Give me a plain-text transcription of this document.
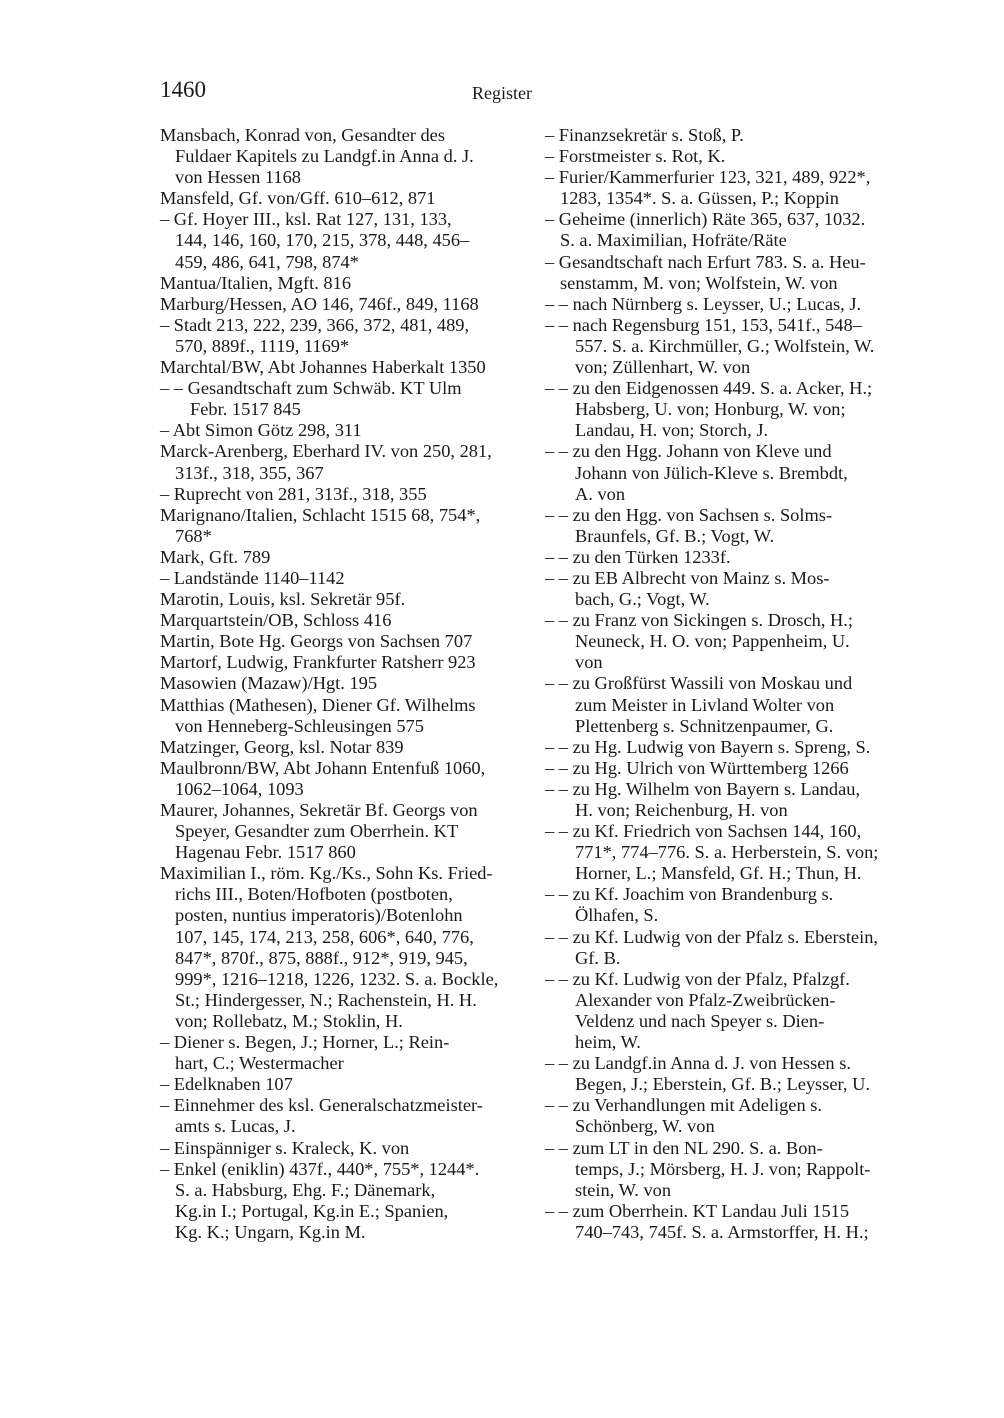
1460	Register
Mansbach, Konrad von, Gesandter des
Fuldaer Kapitels zu Landgf.in Anna d. J.
von Hessen 1168
Mansfeld, Gf. von/Gff. 610–612, 871
– Gf. Hoyer III., ksl. Rat 127, 131, 133,
144, 146, 160, 170, 215, 378, 448, 456–
459, 486, 641, 798, 874*
Mantua/Italien, Mgft. 816
Marburg/Hessen, AO 146, 746f., 849, 1168
– Stadt 213, 222, 239, 366, 372, 481, 489,
570, 889f., 1119, 1169*
Marchtal/BW, Abt Johannes Haberkalt 1350
– – Gesandtschaft zum Schwäb. KT Ulm
Febr. 1517 845
– Abt Simon Götz 298, 311
Marck-Arenberg, Eberhard IV. von 250, 281,
313f., 318, 355, 367
– Ruprecht von 281, 313f., 318, 355
Marignano/Italien, Schlacht 1515 68, 754*,
768*
Mark, Gft. 789
– Landstände 1140–1142
Marotin, Louis, ksl. Sekretär 95f.
Marquartstein/OB, Schloss 416
Martin, Bote Hg. Georgs von Sachsen 707
Martorf, Ludwig, Frankfurter Ratsherr 923
Masowien (Mazaw)/Hgt. 195
Matthias (Mathesen), Diener Gf. Wilhelms
von Henneberg-Schleusingen 575
Matzinger, Georg, ksl. Notar 839
Maulbronn/BW, Abt Johann Entenfuß 1060,
1062–1064, 1093
Maurer, Johannes, Sekretär Bf. Georgs von
Speyer, Gesandter zum Oberrhein. KT
Hagenau Febr. 1517 860
Maximilian I., röm. Kg./Ks., Sohn Ks. Fried-
richs III., Boten/Hofboten (postboten,
posten, nuntius imperatoris)/Botenlohn
107, 145, 174, 213, 258, 606*, 640, 776,
847*, 870f., 875, 888f., 912*, 919, 945,
999*, 1216–1218, 1226, 1232. S. a. Bockle,
St.; Hindergesser, N.; Rachenstein, H. H.
von; Rollebatz, M.; Stoklin, H.
– Diener s. Begen, J.; Horner, L.; Rein-
hart, C.; Westermacher
– Edelknaben 107
– Einnehmer des ksl. Generalschatzmeister-
amts s. Lucas, J.
– Einspänniger s. Kraleck, K. von
– Enkel (eniklin) 437f., 440*, 755*, 1244*.
S. a. Habsburg, Ehg. F.; Dänemark,
Kg.in I.; Portugal, Kg.in E.; Spanien,
Kg. K.; Ungarn, Kg.in M.
– Finanzsekretär s. Stoß, P.
– Forstmeister s. Rot, K.
– Furier/Kammerfurier 123, 321, 489, 922*,
1283, 1354*. S. a. Güssen, P.; Koppin
– Geheime (innerlich) Räte 365, 637, 1032.
S. a. Maximilian, Hofräte/Räte
– Gesandtschaft nach Erfurt 783. S. a. Heu-
senstamm, M. von; Wolfstein, W. von
– – nach Nürnberg s. Leysser, U.; Lucas, J.
– – nach Regensburg 151, 153, 541f., 548–
557. S. a. Kirchmüller, G.; Wolfstein, W.
von; Züllenhart, W. von
– – zu den Eidgenossen 449. S. a. Acker, H.;
Habsberg, U. von; Honburg, W. von;
Landau, H. von; Storch, J.
– – zu den Hgg. Johann von Kleve und
Johann von Jülich-Kleve s. Brembdt,
A. von
– – zu den Hgg. von Sachsen s. Solms-
Braunfels, Gf. B.; Vogt, W.
– – zu den Türken 1233f.
– – zu EB Albrecht von Mainz s. Mos-
bach, G.; Vogt, W.
– – zu Franz von Sickingen s. Drosch, H.;
Neuneck, H. O. von; Pappenheim, U.
von
– – zu Großfürst Wassili von Moskau und
zum Meister in Livland Wolter von
Plettenberg s. Schnitzenpaumer, G.
– – zu Hg. Ludwig von Bayern s. Spreng, S.
– – zu Hg. Ulrich von Württemberg 1266
– – zu Hg. Wilhelm von Bayern s. Landau,
H. von; Reichenburg, H. von
– – zu Kf. Friedrich von Sachsen 144, 160,
771*, 774–776. S. a. Herberstein, S. von;
Horner, L.; Mansfeld, Gf. H.; Thun, H.
– – zu Kf. Joachim von Brandenburg s.
Ölhafen, S.
– – zu Kf. Ludwig von der Pfalz s. Eberstein,
Gf. B.
– – zu Kf. Ludwig von der Pfalz, Pfalzgf.
Alexander von Pfalz-Zweibrücken-
Veldenz und nach Speyer s. Dien-
heim, W.
– – zu Landgf.in Anna d. J. von Hessen s.
Begen, J.; Eberstein, Gf. B.; Leysser, U.
– – zu Verhandlungen mit Adeligen s.
Schönberg, W. von
– – zum LT in den NL 290. S. a. Bon-
temps, J.; Mörsberg, H. J. von; Rappolt-
stein, W. von
– – zum Oberrhein. KT Landau Juli 1515
740–743, 745f. S. a. Armstorffer, H. H.;
